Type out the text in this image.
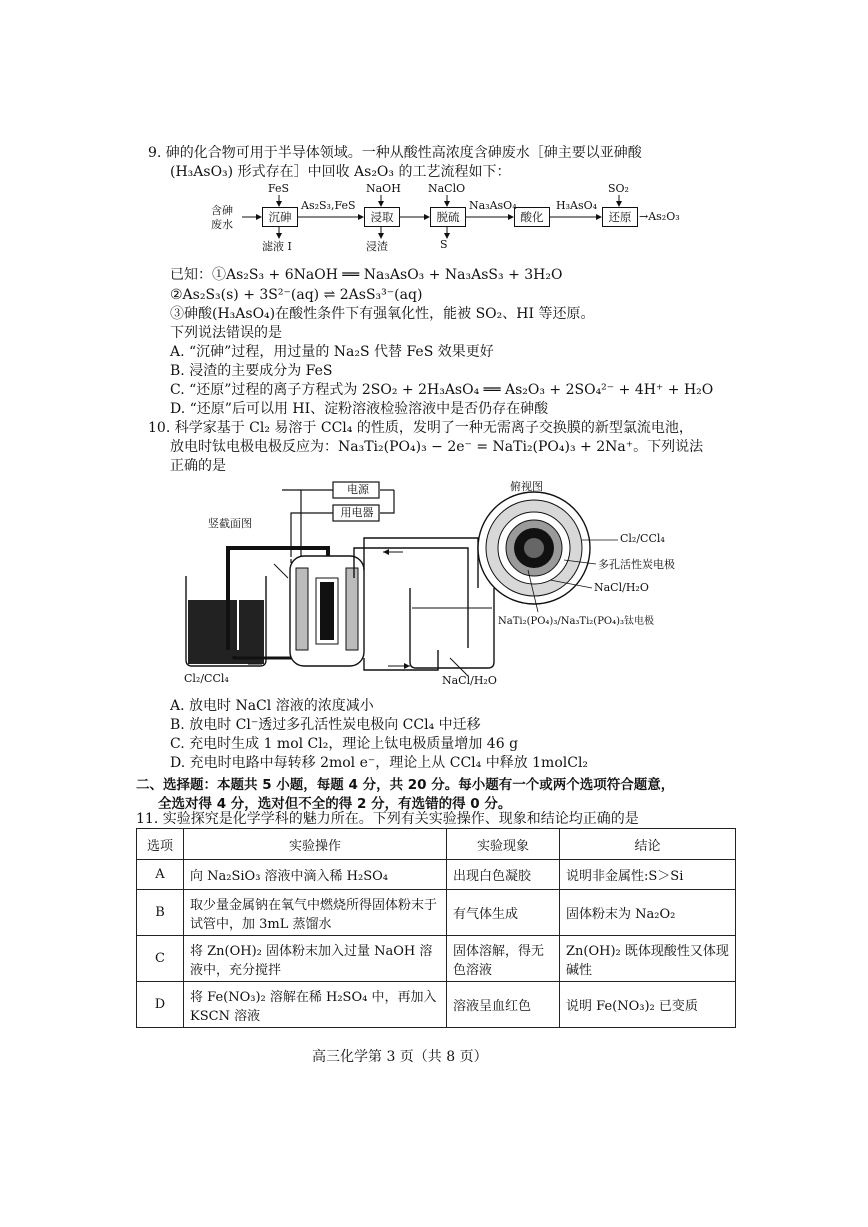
9. 砷的化合物可用于半导体领域。一种从酸性高浓度含砷废水［砷主要以亚砷酸
(H₃AsO₃) 形式存在］中回收 As₂O₃ 的工艺流程如下：
含砷
废水
沉砷	浸取	脱硫	酸化	还原
FeS	NaOH NaClO	SO₂
As₂S₃,FeS	Na₃AsO₄	H₃AsO₄
滤液 I	浸渣	S
→As₂O₃
已知：①As₂S₃ + 6NaOH ══ Na₃AsO₃ + Na₃AsS₃ + 3H₂O
②As₂S₃(s) + 3S²⁻(aq) ⇌ 2AsS₃³⁻(aq)
③砷酸(H₃AsO₄)在酸性条件下有强氧化性，能被 SO₂、HI 等还原。
下列说法错误的是
A. “沉砷”过程，用过量的 Na₂S 代替 FeS 效果更好
B. 浸渣的主要成分为 FeS
C. “还原”过程的离子方程式为 2SO₂ + 2H₃AsO₄ ══ As₂O₃ + 2SO₄²⁻ + 4H⁺ + H₂O
D. “还原”后可以用 HI、淀粉溶液检验溶液中是否仍存在砷酸
10. 科学家基于 Cl₂ 易溶于 CCl₄ 的性质，发明了一种无需离子交换膜的新型氯流电池，
放电时钛电极电极反应为：Na₃Ti₂(PO₄)₃ − 2e⁻ = NaTi₂(PO₄)₃ + 2Na⁺。下列说法
正确的是
电源
用电器
竖截面图
俯视图
Cl₂/CCl₄	NaCl/H₂O
Cl₂/CCl₄
多孔活性炭电极
NaCl/H₂O
NaTi₂(PO₄)₃/Na₃Ti₂(PO₄)₃钛电极
A. 放电时 NaCl 溶液的浓度减小
B. 放电时 Cl⁻透过多孔活性炭电极向 CCl₄ 中迁移
C. 充电时生成 1 mol Cl₂，理论上钛电极质量增加 46 g
D. 充电时电路中每转移 2mol e⁻，理论上从 CCl₄ 中释放 1molCl₂
二、选择题：本题共 5 小题，每题 4 分，共 20 分。每小题有一个或两个选项符合题意，
全选对得 4 分，选对但不全的得 2 分，有选错的得 0 分。
11. 实验探究是化学学科的魅力所在。下列有关实验操作、现象和结论均正确的是
选项	实验操作	实验现象	结论
A	向 Na₂SiO₃ 溶液中滴入稀 H₂SO₄	出现白色凝胶	说明非金属性:S＞Si
B	取少量金属钠在氧气中燃烧所得固体粉末于试管中，加 3mL 蒸馏水	有气体生成	固体粉末为 Na₂O₂
C	将 Zn(OH)₂ 固体粉末加入过量 NaOH 溶液中，充分搅拌	固体溶解，得无色溶液	Zn(OH)₂ 既体现酸性又体现碱性
D	将 Fe(NO₃)₂ 溶解在稀 H₂SO₄ 中，再加入 KSCN 溶液	溶液呈血红色	说明 Fe(NO₃)₂ 已变质
高三化学第 3 页（共 8 页）
